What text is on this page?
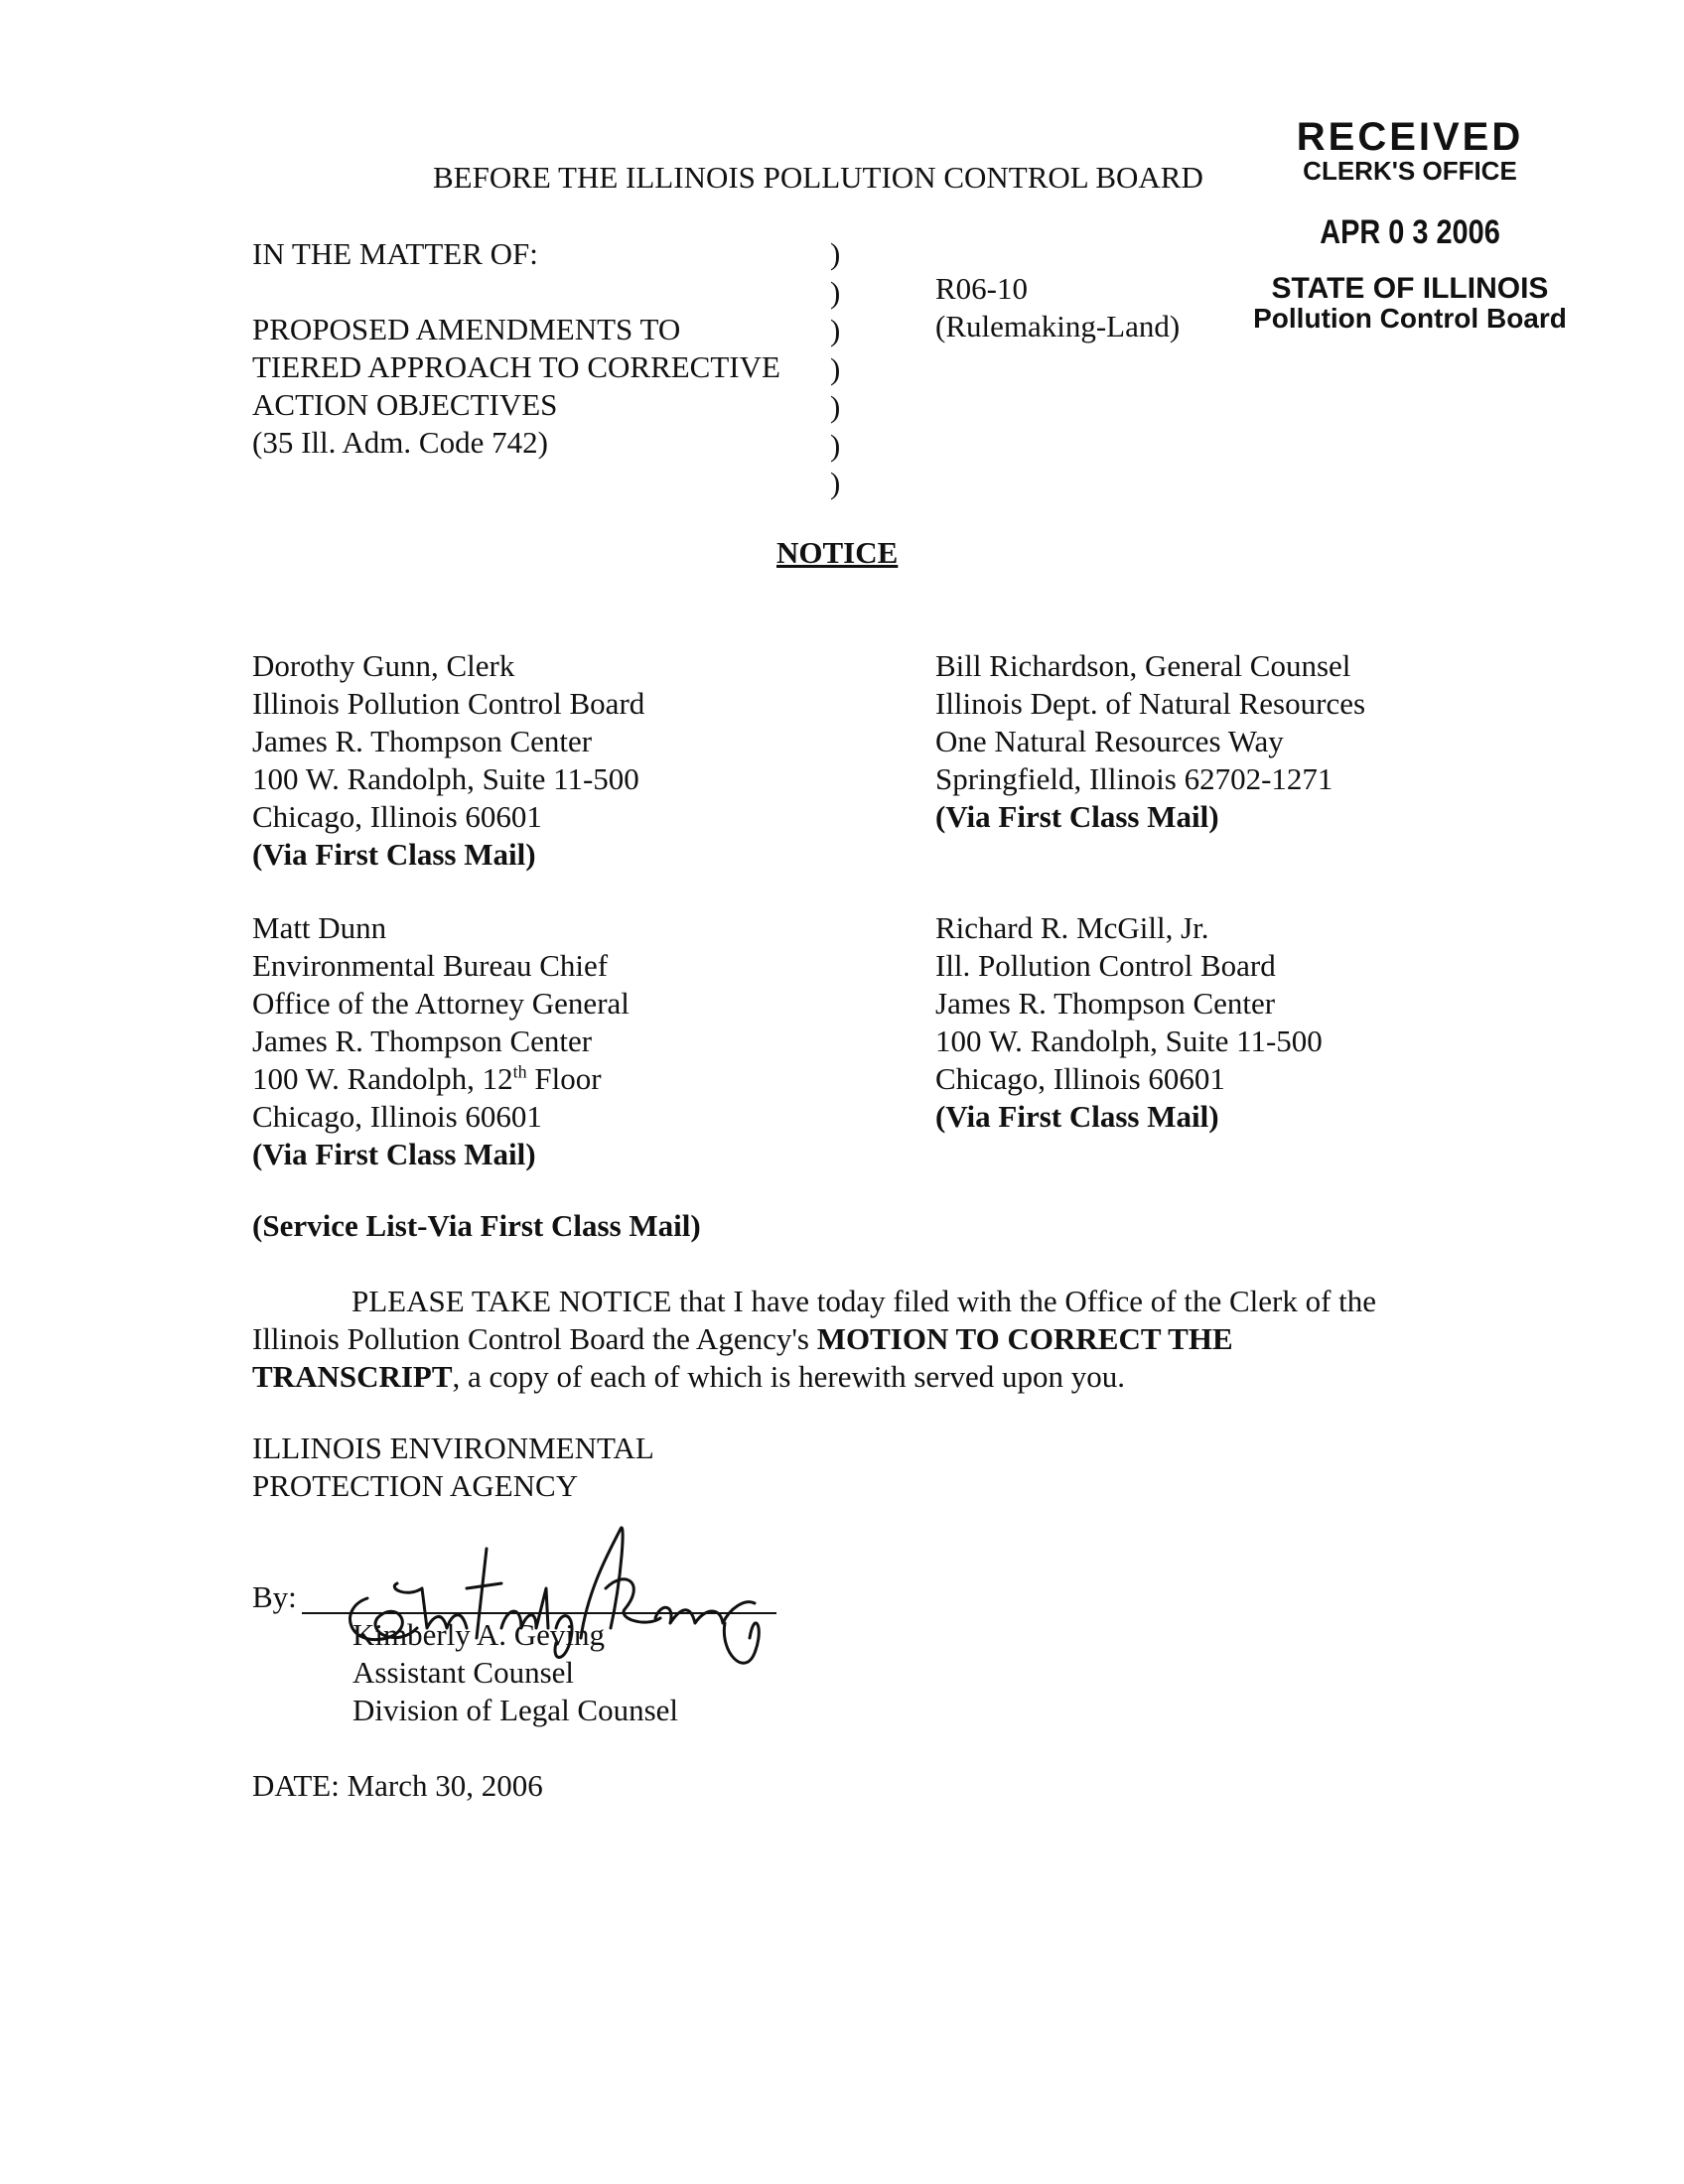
RECEIVED
CLERK'S OFFICE
APR 0 3 2006
STATE OF ILLINOIS
Pollution Control Board
BEFORE THE ILLINOIS POLLUTION CONTROL BOARD
IN THE MATTER OF:

PROPOSED AMENDMENTS TO
TIERED APPROACH TO CORRECTIVE
ACTION OBJECTIVES
(35 Ill. Adm. Code 742)
)
)
)
)
)
)
)
R06-10
(Rulemaking-Land)
NOTICE
Dorothy Gunn, Clerk
Illinois Pollution Control Board
James R. Thompson Center
100 W. Randolph, Suite 11-500
Chicago, Illinois 60601
(Via First Class Mail)
Bill Richardson, General Counsel
Illinois Dept. of Natural Resources
One Natural Resources Way
Springfield, Illinois 62702-1271
(Via First Class Mail)
Matt Dunn
Environmental Bureau Chief
Office of the Attorney General
James R. Thompson Center
100 W. Randolph, 12th Floor
Chicago, Illinois 60601
(Via First Class Mail)
Richard R. McGill, Jr.
Ill. Pollution Control Board
James R. Thompson Center
100 W. Randolph, Suite 11-500
Chicago, Illinois 60601
(Via First Class Mail)
(Service List-Via First Class Mail)
PLEASE TAKE NOTICE that I have today filed with the Office of the Clerk of the
Illinois Pollution Control Board the Agency's MOTION TO CORRECT THE
TRANSCRIPT, a copy of each of which is herewith served upon you.
ILLINOIS ENVIRONMENTAL
PROTECTION AGENCY
By:
Kimberly A. Geving
Assistant Counsel
Division of Legal Counsel
DATE: March 30, 2006
